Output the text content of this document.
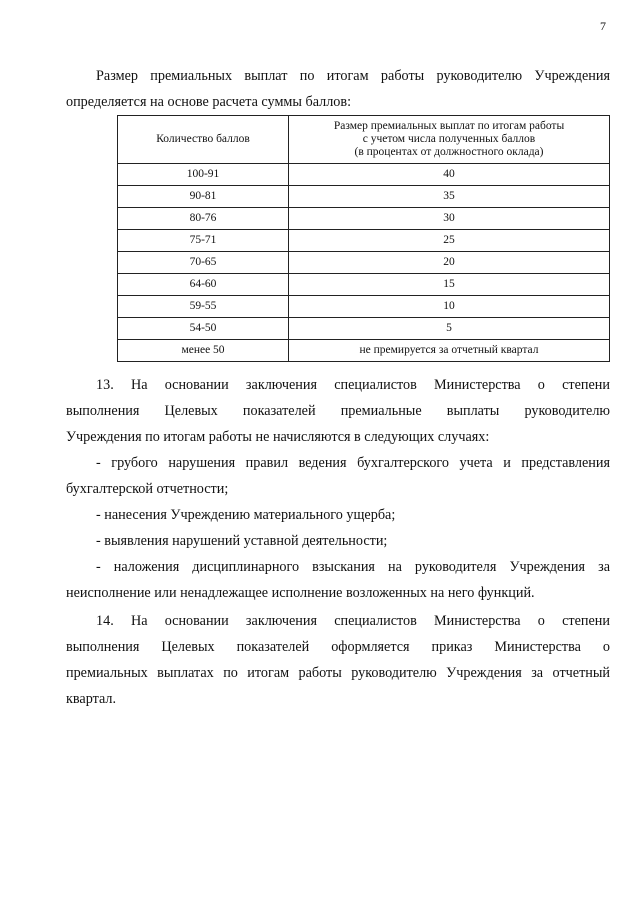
7

Размер премиальных выплат по итогам работы руководителю Учреждения

определяется на основе расчета суммы баллов:

Количество баллов	Размер премиальных выплат по итогам работы
с учетом числа полученных баллов
(в процентах от должностного оклада)

100-91	40
90-81	35
80-76	30
75-71	25
70-65	20
64-60	15
59-55	10
54-50	5
менее 50	не премируется за отчетный квартал

13. На основании заключения специалистов Министерства о степени

выполнения Целевых показателей премиальные выплаты руководителю

Учреждения по итогам работы не начисляются в следующих случаях:

- грубого нарушения правил ведения бухгалтерского учета и представления

бухгалтерской отчетности;

- нанесения Учреждению материального ущерба;

- выявления нарушений уставной деятельности;

- наложения дисциплинарного взыскания на руководителя Учреждения за

неисполнение или ненадлежащее исполнение возложенных на него функций.

14. На основании заключения специалистов Министерства о степени

выполнения Целевых показателей оформляется приказ Министерства о

премиальных выплатах по итогам работы руководителю Учреждения за отчетный

квартал.
